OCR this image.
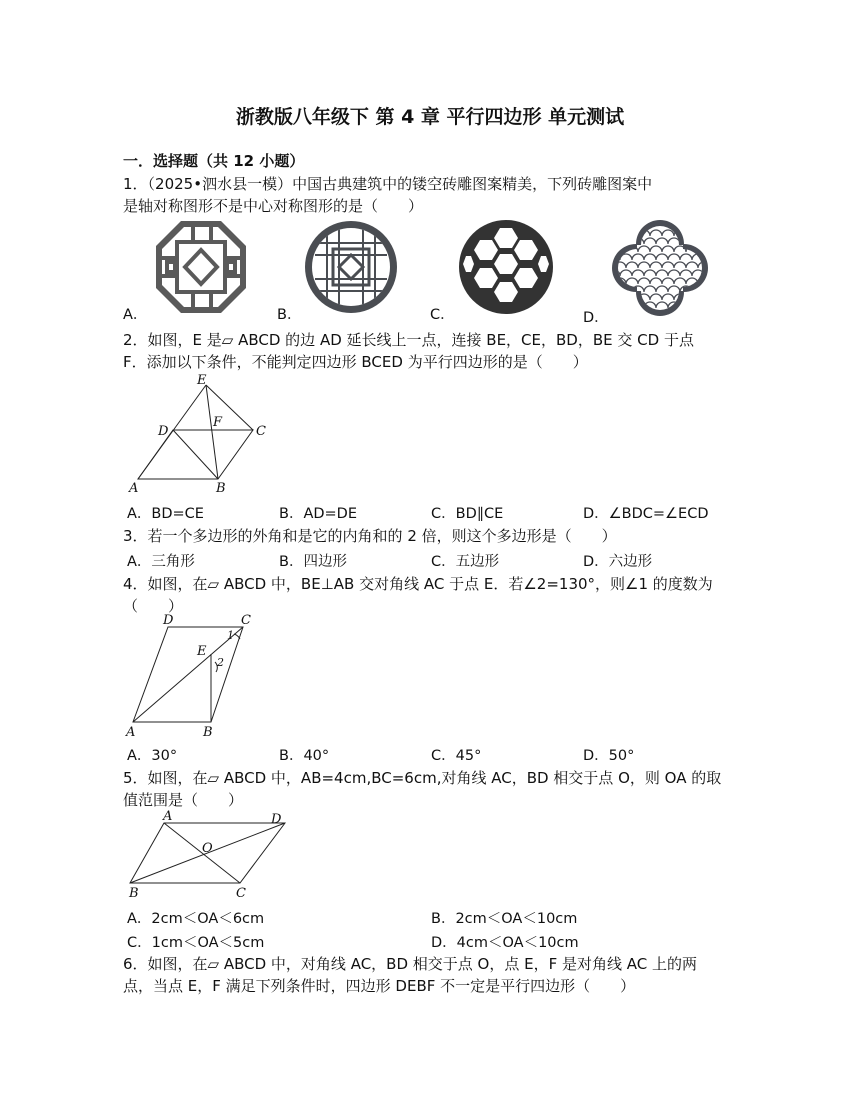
浙教版八年级下 第 4 章 平行四边形 单元测试
一．选择题（共 12 小题）
1．（2025•泗水县一模）中国古典建筑中的镂空砖雕图案精美，下列砖雕图案中
是轴对称图形不是中心对称图形的是（　　）
A．	B．	C．	D．
2．如图，E 是▱ ABCD 的边 AD 延长线上一点，连接 BE，CE，BD，BE 交 CD 于点
F．添加以下条件，不能判定四边形 BCED 为平行四边形的是（　　）
E
D
F
C
A	B
A．BD=CE	B．AD=DE	C．BD∥CE	D．∠BDC=∠ECD
3．若一个多边形的外角和是它的内角和的 2 倍，则这个多边形是（　　）
A．三角形	B．四边形	C．五边形	D．六边形
4．如图，在▱ ABCD 中，BE⊥AB 交对角线 AC 于点 E．若∠2=130°，则∠1 的度数为
（　　）
D	C
E
1
2
A	B
A．30°	B．40°	C．45°	D．50°
5．如图，在▱ ABCD 中，AB=4cm,BC=6cm,对角线 AC，BD 相交于点 O，则 OA 的取
值范围是（　　）
A	D
O
B	C
A．2cm＜OA＜6cm	B．2cm＜OA＜10cm
C．1cm＜OA＜5cm	D．4cm＜OA＜10cm
6．如图，在▱ ABCD 中，对角线 AC，BD 相交于点 O，点 E，F 是对角线 AC 上的两
点，当点 E，F 满足下列条件时，四边形 DEBF 不一定是平行四边形（　　）
